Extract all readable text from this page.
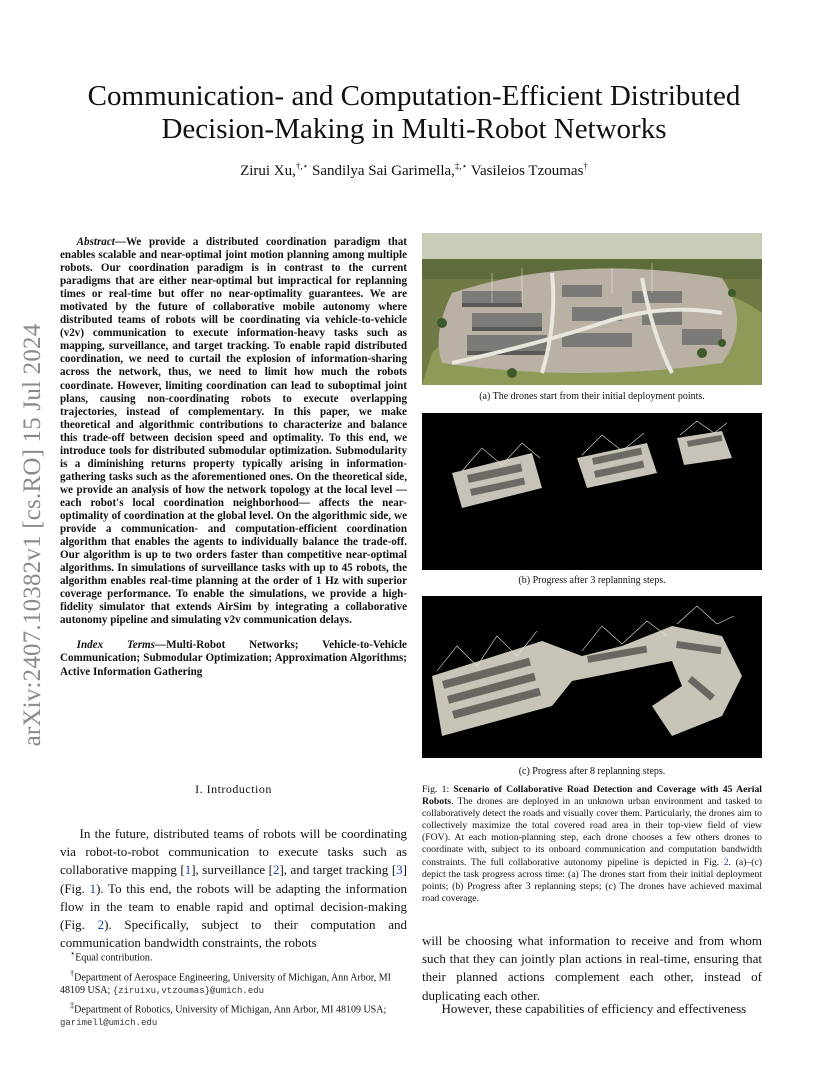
arXiv:2407.10382v1 [cs.RO] 15 Jul 2024
Communication- and Computation-Efficient Distributed Decision-Making in Multi-Robot Networks
Zirui Xu,†,⋆ Sandilya Sai Garimella,‡,⋆ Vasileios Tzoumas†

Abstract—We provide a distributed coordination paradigm that enables scalable and near-optimal joint motion planning among multiple robots. Our coordination paradigm is in contrast to the current paradigms that are either near-optimal but impractical for replanning times or real-time but offer no near-optimality guarantees. We are motivated by the future of collaborative mobile autonomy where distributed teams of robots will be coordinating via vehicle-to-vehicle (v2v) communication to execute information-heavy tasks such as mapping, surveillance, and target tracking. To enable rapid distributed coordination, we need to curtail the explosion of information-sharing across the network, thus, we need to limit how much the robots coordinate. However, limiting coordination can lead to suboptimal joint plans, causing non-coordinating robots to execute overlapping trajectories, instead of complementary. In this paper, we make theoretical and algorithmic contributions to characterize and balance this trade-off between decision speed and optimality. To this end, we introduce tools for distributed submodular optimization. Submodularity is a diminishing returns property typically arising in information-gathering tasks such as the aforementioned ones. On the theoretical side, we provide an analysis of how the network topology at the local level — each robot's local coordination neighborhood— affects the near-optimality of coordination at the global level. On the algorithmic side, we provide a communication- and computation-efficient coordination algorithm that enables the agents to individually balance the trade-off. Our algorithm is up to two orders faster than competitive near-optimal algorithms. In simulations of surveillance tasks with up to 45 robots, the algorithm enables real-time planning at the order of 1 Hz with superior coverage performance. To enable the simulations, we provide a high-fidelity simulator that extends AirSim by integrating a collaborative autonomy pipeline and simulating v2v communication delays.

Index Terms—Multi-Robot Networks; Vehicle-to-Vehicle Communication; Submodular Optimization; Approximation Algorithms; Active Information Gathering

I. Introduction

In the future, distributed teams of robots will be coordinating via robot-to-robot communication to execute tasks such as collaborative mapping [1], surveillance [2], and target tracking [3] (Fig. 1). To this end, the robots will be adapting the information flow in the team to enable rapid and optimal decision-making (Fig. 2). Specifically, subject to their computation and communication bandwidth constraints, the robots

⋆Equal contribution.

†Department of Aerospace Engineering, University of Michigan, Ann Arbor, MI 48109 USA; {ziruixu,vtzoumas}@umich.edu

‡Department of Robotics, University of Michigan, Ann Arbor, MI 48109 USA; garimell@umich.edu

(a) The drones start from their initial deployment points.
(b) Progress after 3 replanning steps.
(c) Progress after 8 replanning steps.

Fig. 1: Scenario of Collaborative Road Detection and Coverage with 45 Aerial Robots. The drones are deployed in an unknown urban environment and tasked to collaboratively detect the roads and visually cover them. Particularly, the drones aim to collectively maximize the total covered road area in their top-view field of view (FOV). At each motion-planning step, each drone chooses a few others drones to coordinate with, subject to its onboard communication and computation bandwidth constraints. The full collaborative autonomy pipeline is depicted in Fig. 2. (a)–(c) depict the task progress across time: (a) The drones start from their initial deployment points; (b) Progress after 3 replanning steps; (c) The drones have achieved maximal road coverage.

will be choosing what information to receive and from whom such that they can jointly plan actions in real-time, ensuring that their planned actions complement each other, instead of duplicating each other.

However, these capabilities of efficiency and effectiveness
